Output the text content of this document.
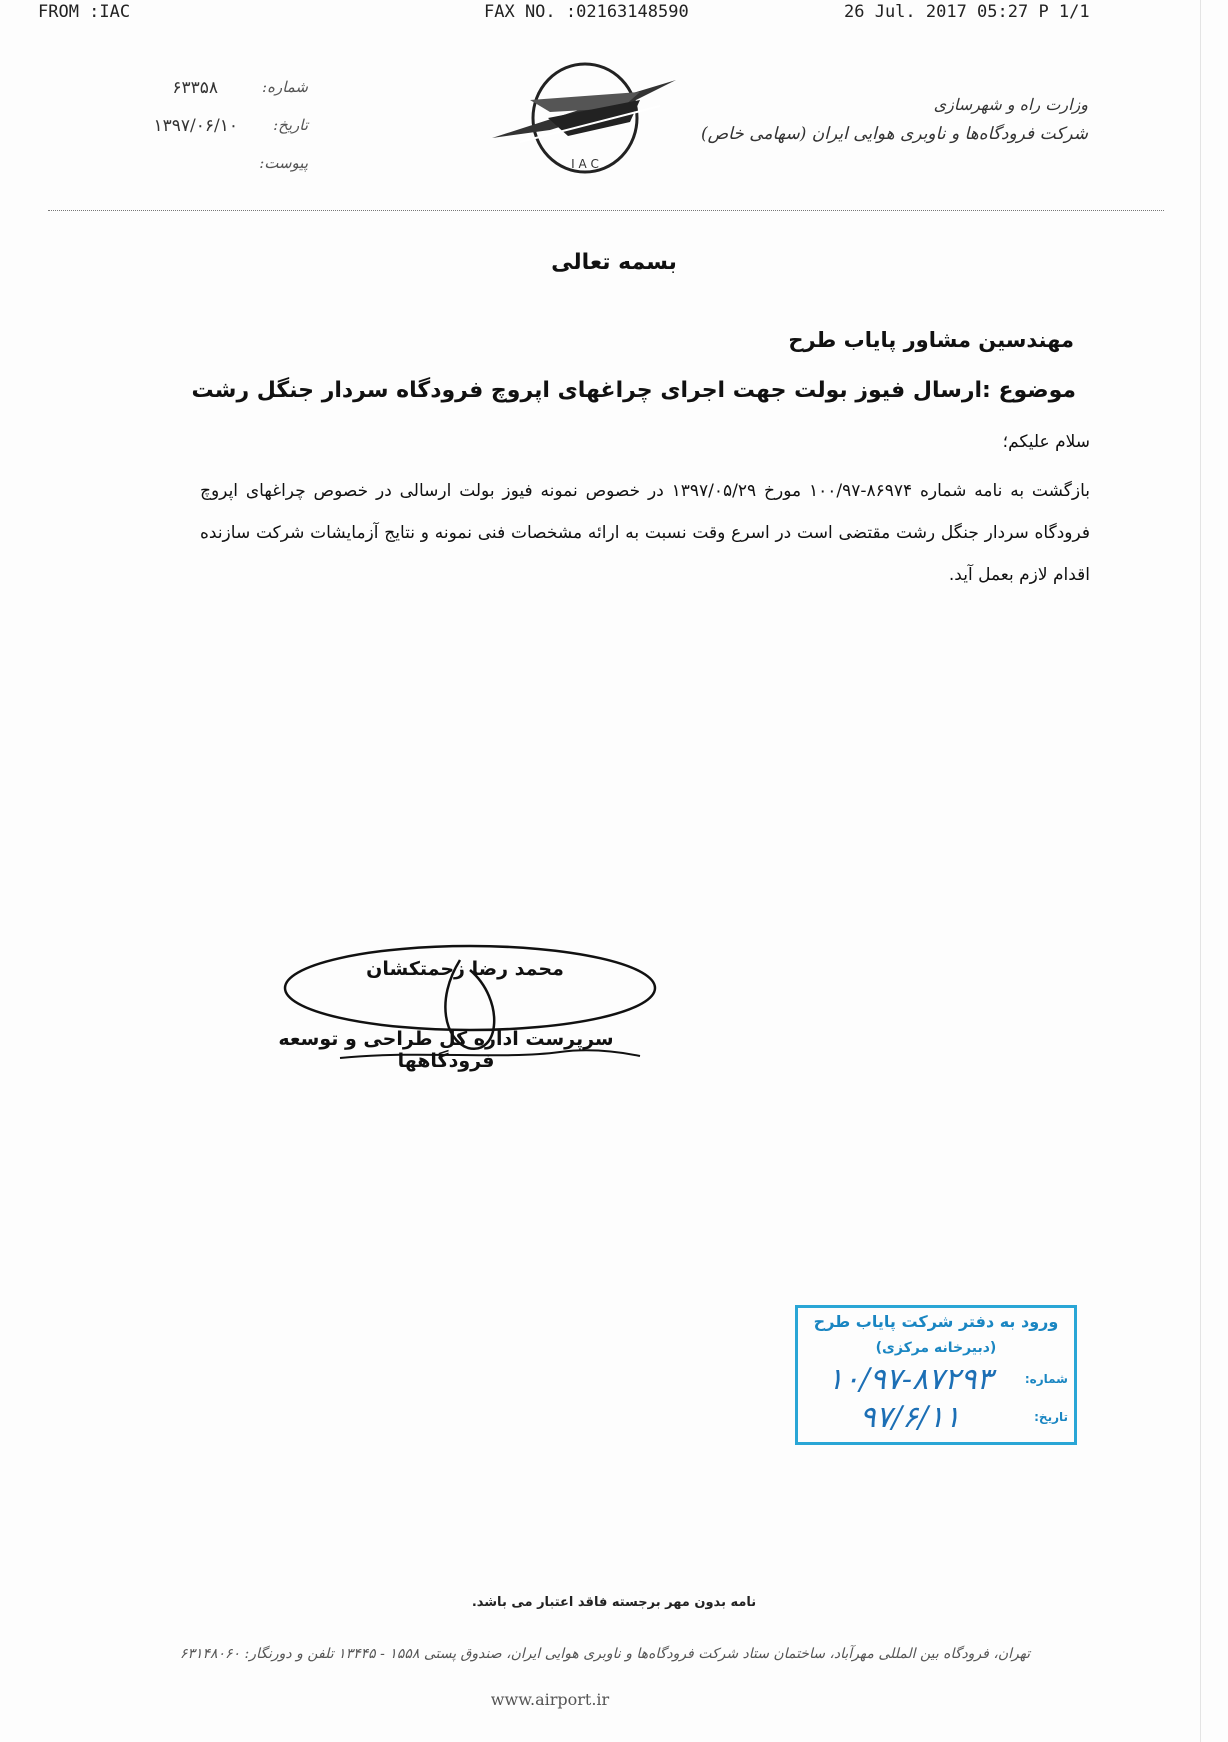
FROM :IAC	FAX NO. :02163148590	26 Jul. 2017 05:27 P 1/1
شماره:
۶۳۳۵۸
تاریخ:
۱۳۹۷/۰۶/۱۰
پیوست:	I A C
وزارت راه و شهرسازی
شرکت فرودگاه‌ها و ناوبری هوایی ایران (سهامی خاص)
بسمه تعالی
مهندسین مشاور پایاب طرح
موضوع :ارسال فیوز بولت جهت اجرای چراغهای اپروچ فرودگاه سردار جنگل رشت
سلام علیکم؛
بازگشت به نامه شماره ۸۶۹۷۴-۱۰۰/۹۷ مورخ ۱۳۹۷/۰۵/۲۹ در خصوص نمونه فیوز بولت ارسالی در خصوص چراغهای اپروچ فرودگاه سردار جنگل رشت مقتضی است در اسرع وقت نسبت به ارائه مشخصات فنی نمونه و نتایج آزمایشات شرکت سازنده اقدام لازم بعمل آید.
محمد رضا زحمتکشان
سرپرست اداره کل طراحی و توسعه فرودگاهها
ورود به دفتر شرکت پایاب طرح
(دبیرخانه مرکزی)
شماره:
۱۰/۹۷-۸۷۲۹۳
تاریخ:
۹۷/۶/۱۱
نامه بدون مهر برجسته فاقد اعتبار می باشد.
تهران، فرودگاه بین المللی مهرآباد، ساختمان ستاد شرکت فرودگاه‌ها و ناوبری هوایی ایران، صندوق پستی ۱۵۵۸ - ۱۳۴۴۵ تلفن و دورنگار: ۶۳۱۴۸۰۶۰
www.airport.ir
